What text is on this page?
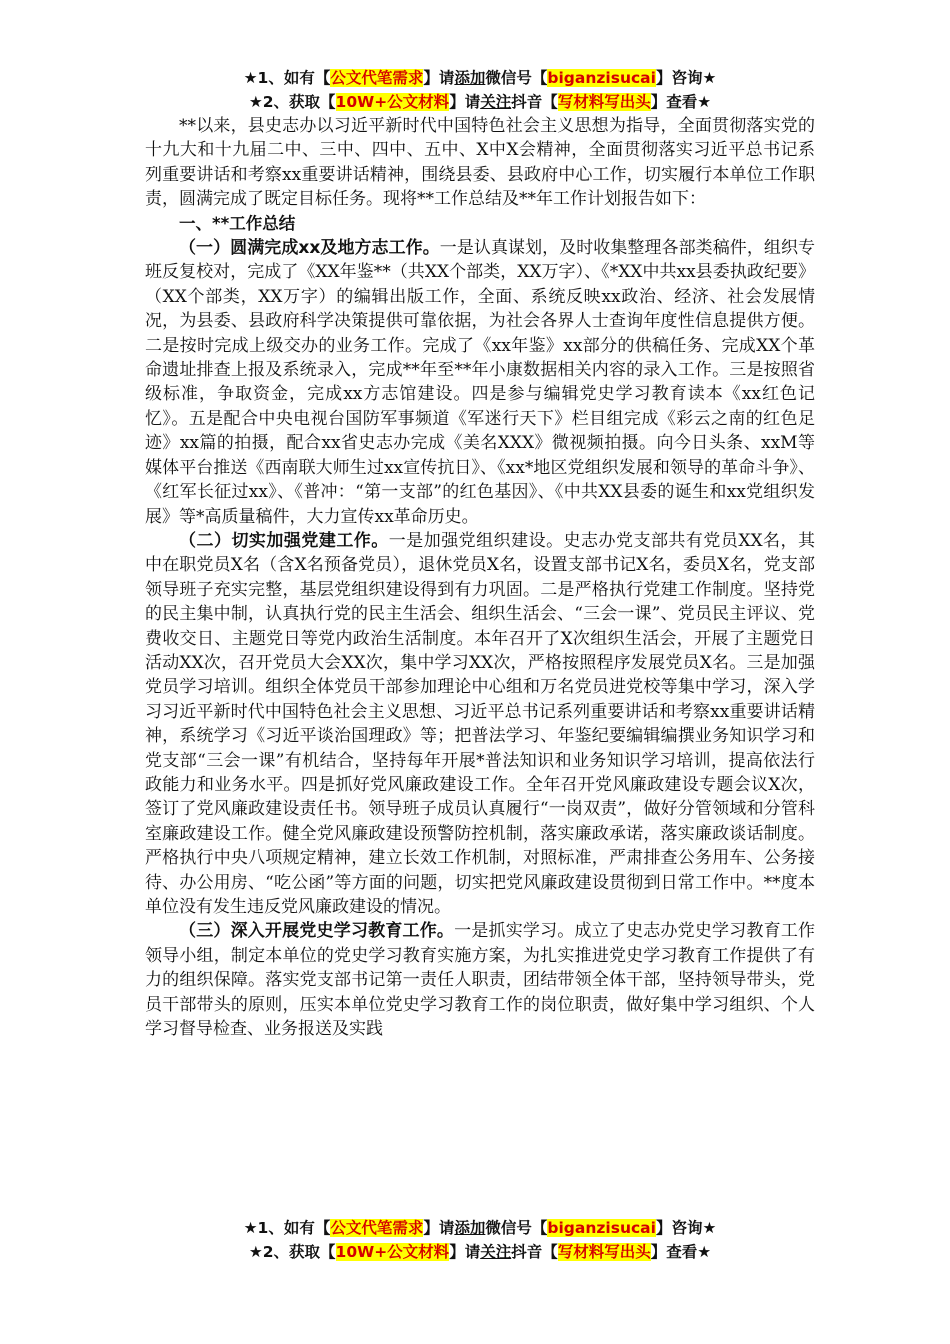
★1、如有【公文代笔需求】请添加微信号【biganzisucai】咨询★
★2、获取【10W+公文材料】请关注抖音【写材料写出头】查看★

**以来，县史志办以习近平新时代中国特色社会主义思想为指导，全面贯彻落实党的十九大和十九届二中、三中、四中、五中、X中X会精神，全面贯彻落实习近平总书记系列重要讲话和考察xx重要讲话精神，围绕县委、县政府中心工作，切实履行本单位工作职责，圆满完成了既定目标任务。现将**工作总结及**年工作计划报告如下：

一、**工作总结

（一）圆满完成xx及地方志工作。一是认真谋划，及时收集整理各部类稿件，组织专班反复校对，完成了《XX年鉴**（共XX个部类，XX万字）、《*XX中共xx县委执政纪要》（XX个部类，XX万字）的编辑出版工作，全面、系统反映xx政治、经济、社会发展情况，为县委、县政府科学决策提供可靠依据，为社会各界人士查询年度性信息提供方便。二是按时完成上级交办的业务工作。完成了《xx年鉴》xx部分的供稿任务、完成XX个革命遗址排查上报及系统录入，完成**年至**年小康数据相关内容的录入工作。三是按照省级标准，争取资金，完成xx方志馆建设。四是参与编辑党史学习教育读本《xx红色记忆》。五是配合中央电视台国防军事频道《军迷行天下》栏目组完成《彩云之南的红色足迹》xx篇的拍摄，配合xx省史志办完成《美名XXX》微视频拍摄。向今日头条、xxM等媒体平台推送《西南联大师生过xx宣传抗日》、《xx*地区党组织发展和领导的革命斗争》、《红军长征过xx》、《普冲：“第一支部”的红色基因》、《中共XX县委的诞生和xx党组织发展》等*高质量稿件，大力宣传xx革命历史。

（二）切实加强党建工作。一是加强党组织建设。史志办党支部共有党员XX名，其中在职党员X名（含X名预备党员），退休党员X名，设置支部书记X名，委员X名，党支部领导班子充实完整，基层党组织建设得到有力巩固。二是严格执行党建工作制度。坚持党的民主集中制，认真执行党的民主生活会、组织生活会、“三会一课”、党员民主评议、党费收交日、主题党日等党内政治生活制度。本年召开了X次组织生活会，开展了主题党日活动XX次，召开党员大会XX次，集中学习XX次，严格按照程序发展党员X名。三是加强党员学习培训。组织全体党员干部参加理论中心组和万名党员进党校等集中学习，深入学习习近平新时代中国特色社会主义思想、习近平总书记系列重要讲话和考察xx重要讲话精神，系统学习《习近平谈治国理政》等；把普法学习、年鉴纪要编辑编撰业务知识学习和党支部“三会一课”有机结合，坚持每年开展*普法知识和业务知识学习培训，提高依法行政能力和业务水平。四是抓好党风廉政建设工作。全年召开党风廉政建设专题会议X次，签订了党风廉政建设责任书。领导班子成员认真履行“一岗双责”，做好分管领域和分管科室廉政建设工作。健全党风廉政建设预警防控机制，落实廉政承诺，落实廉政谈话制度。严格执行中央八项规定精神，建立长效工作机制，对照标准，严肃排查公务用车、公务接待、办公用房、“吃公函”等方面的问题，切实把党风廉政建设贯彻到日常工作中。**度本单位没有发生违反党风廉政建设的情况。

（三）深入开展党史学习教育工作。一是抓实学习。成立了史志办党史学习教育工作领导小组，制定本单位的党史学习教育实施方案，为扎实推进党史学习教育工作提供了有力的组织保障。落实党支部书记第一责任人职责，团结带领全体干部，坚持领导带头，党员干部带头的原则，压实本单位党史学习教育工作的岗位职责，做好集中学习组织、个人学习督导检查、业务报送及实践

★1、如有【公文代笔需求】请添加微信号【biganzisucai】咨询★
★2、获取【10W+公文材料】请关注抖音【写材料写出头】查看★
